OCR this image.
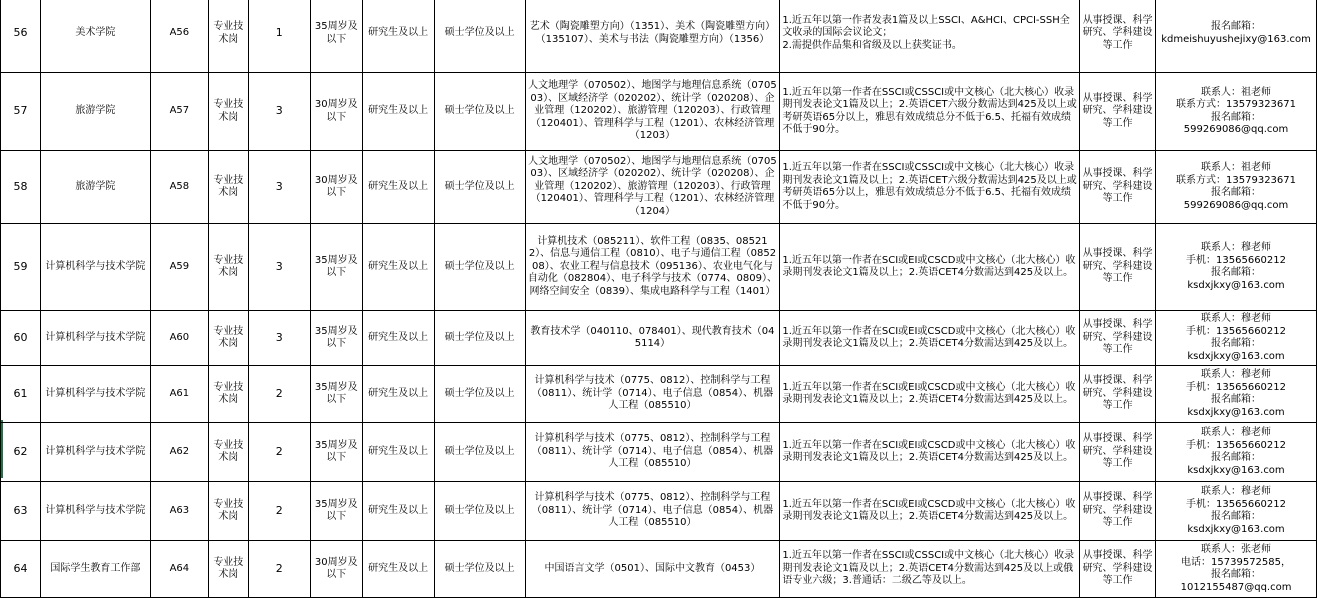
56	美术学院	A56	专业技术岗	1	35周岁及以下	研究生及以上	硕士学位及以上	艺术（陶瓷雕塑方向）（1351）、美术（陶瓷雕塑方向）（135107）、美术与书法（陶瓷雕塑方向）（1356）	1.近五年以第一作者发表1篇及以上SSCI、A&HCI、CPCI-SSH全文收录的国际会议论文；
2.需提供作品集和省级及以上获奖证书。	从事授课、科学研究、学科建设等工作	报名邮箱：
kdmeishuyushejixy@163.com
57	旅游学院	A57	专业技术岗	3	30周岁及以下	研究生及以上	硕士学位及以上	人文地理学（070502）、地图学与地理信息系统（070503）、区域经济学（020202）、统计学（020208）、企业管理（120202）、旅游管理（120203）、行政管理（120401）、管理科学与工程（1201）、农林经济管理（1203）	1.近五年以第一作者在SSCI或CSSCI或中文核心（北大核心）收录期刊发表论文1篇及以上；2.英语CET六级分数需达到425及以上或考研英语65分以上，雅思有效成绩总分不低于6.5、托福有效成绩不低于90分。	从事授课、科学研究、学科建设等工作	联系人：祖老师
联系方式：13579323671
报名邮箱：
599269086@qq.com
58	旅游学院	A58	专业技术岗	3	30周岁及以下	研究生及以上	硕士学位及以上	人文地理学（070502）、地图学与地理信息系统（070503）、区域经济学（020202）、统计学（020208）、企业管理（120202）、旅游管理（120203）、行政管理（120401）、管理科学与工程（1201）、农林经济管理（1204）	1.近五年以第一作者在SSCI或CSSCI或中文核心（北大核心）收录期刊发表论文1篇及以上；2.英语CET六级分数需达到425及以上或考研英语65分以上，雅思有效成绩总分不低于6.5、托福有效成绩不低于90分。	从事授课、科学研究、学科建设等工作	联系人：祖老师
联系方式：13579323671
报名邮箱：
599269086@qq.com
59	计算机科学与技术学院	A59	专业技术岗	3	35周岁及以下	研究生及以上	硕士学位及以上	计算机技术（085211）、软件工程（0835、085212）、信息与通信工程（0810）、电子与通信工程（085208）、农业工程与信息技术（095136）、农业电气化与自动化（082804）、电子科学与技术（0774、0809）、网络空间安全（0839）、集成电路科学与工程（1401）	1.近五年以第一作者在SCI或EI或CSCD或中文核心（北大核心）收录期刊发表论文1篇及以上；2.英语CET4分数需达到425及以上。	从事授课、科学研究、学科建设等工作	联系人：穆老师
手机：13565660212
报名邮箱：
ksdxjkxy@163.com
60	计算机科学与技术学院	A60	专业技术岗	3	35周岁及以下	研究生及以上	硕士学位及以上	教育技术学（040110、078401）、现代教育技术（045114）	1.近五年以第一作者在SCI或EI或CSCD或中文核心（北大核心）收录期刊发表论文1篇及以上；2.英语CET4分数需达到425及以上。	从事授课、科学研究、学科建设等工作	联系人：穆老师
手机：13565660212
报名邮箱：
ksdxjkxy@163.com
61	计算机科学与技术学院	A61	专业技术岗	2	35周岁及以下	研究生及以上	硕士学位及以上	计算机科学与技术（0775、0812）、控制科学与工程（0811）、统计学（0714）、电子信息（0854）、机器人工程（085510）	1.近五年以第一作者在SCI或EI或CSCD或中文核心（北大核心）收录期刊发表论文1篇及以上；2.英语CET4分数需达到425及以上。	从事授课、科学研究、学科建设等工作	联系人：穆老师
手机：13565660212
报名邮箱：
ksdxjkxy@163.com
62	计算机科学与技术学院	A62	专业技术岗	2	35周岁及以下	研究生及以上	硕士学位及以上	计算机科学与技术（0775、0812）、控制科学与工程（0811）、统计学（0714）、电子信息（0854）、机器人工程（085510）	1.近五年以第一作者在SCI或EI或CSCD或中文核心（北大核心）收录期刊发表论文1篇及以上；2.英语CET4分数需达到425及以上。	从事授课、科学研究、学科建设等工作	联系人：穆老师
手机：13565660212
报名邮箱：
ksdxjkxy@163.com
63	计算机科学与技术学院	A63	专业技术岗	2	35周岁及以下	研究生及以上	硕士学位及以上	计算机科学与技术（0775、0812）、控制科学与工程（0811）、统计学（0714）、电子信息（0854）、机器人工程（085510）	1.近五年以第一作者在SCI或EI或CSCD或中文核心（北大核心）收录期刊发表论文1篇及以上；2.英语CET4分数需达到425及以上。	从事授课、科学研究、学科建设等工作	联系人：穆老师
手机：13565660212
报名邮箱：
ksdxjkxy@163.com
64	国际学生教育工作部	A64	专业技术岗	2	30周岁及以下	研究生及以上	硕士学位及以上	中国语言文学（0501）、国际中文教育（0453）	1.近五年以第一作者在SSCI或CSSCI或中文核心（北大核心）收录期刊发表论文1篇及以上；2.英语CET4分数需达到425及以上或俄语专业六级；3.普通话：二级乙等及以上。	从事授课、科学研究、学科建设等工作	联系人：张老师
电话：15739572585，
报名邮箱：
1012155487@qq.com
